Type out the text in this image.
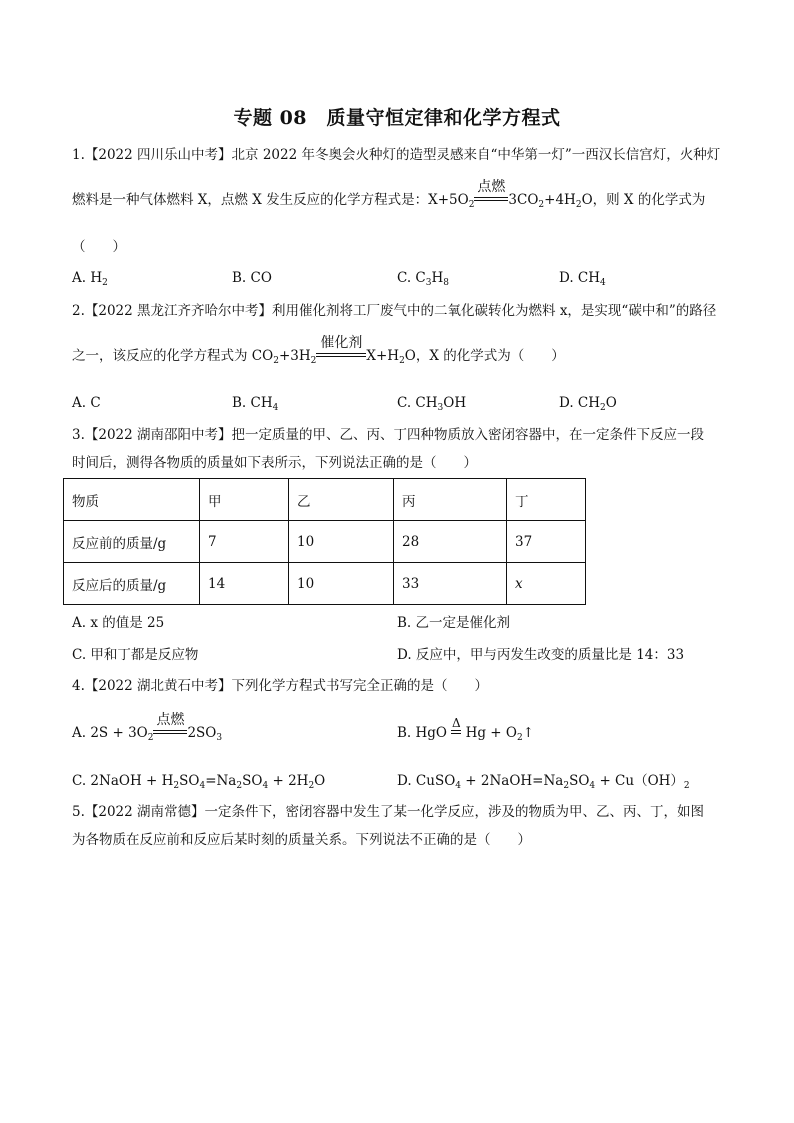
专题 08　质量守恒定律和化学方程式
1.【2022 四川乐山中考】北京 2022 年冬奥会火种灯的造型灵感来自“中华第一灯”一西汉长信宫灯，火种灯
燃料是一种气体燃料 X，点燃 X 发生反应的化学方程式是：$X+5O_2$
点燃
$3CO_2+4H_2O$，则 X 的化学式为
（　　）
A. $H_2$	B. CO	C. $C_3H_8$	D. $CH_4$
2.【2022 黑龙江齐齐哈尔中考】利用催化剂将工厂废气中的二氧化碳转化为燃料 x，是实现“碳中和”的路径
之一，该反应的化学方程式为 $CO_2+3H_2$
催化剂
$X+H_2O$，X 的化学式为（　　）
A. C	B. $CH_4$	C. $CH_3OH$	D. $CH_2O$
3.【2022 湖南邵阳中考】把一定质量的甲、乙、丙、丁四种物质放入密闭容器中，在一定条件下反应一段
时间后，测得各物质的质量如下表所示，下列说法正确的是（　　）
物质	甲	乙	丙	丁
反应前的质量/g	7	10	28	37
反应后的质量/g	14	10	33	x
A. x 的值是 25	B. 乙一定是催化剂
C. 甲和丁都是反应物	D. 反应中，甲与丙发生改变的质量比是 14：33
4.【2022 湖北黄石中考】下列化学方程式书写完全正确的是（　　）
A. $2S + 3O_2$
点燃
$2SO_3$	B. HgO
Δ
$Hg + O_2↑$
C. 2NaOH + $H_2SO_4=Na_2SO_4 + 2H_2O$	D. CuSO$_4$ + $2NaOH=Na_2SO_4 + Cu(OH)_2$
5.【2022 湖南常德】一定条件下，密闭容器中发生了某一化学反应，涉及的物质为甲、乙、丙、丁，如图
为各物质在反应前和反应后某时刻的质量关系。下列说法不正确的是（　　）
